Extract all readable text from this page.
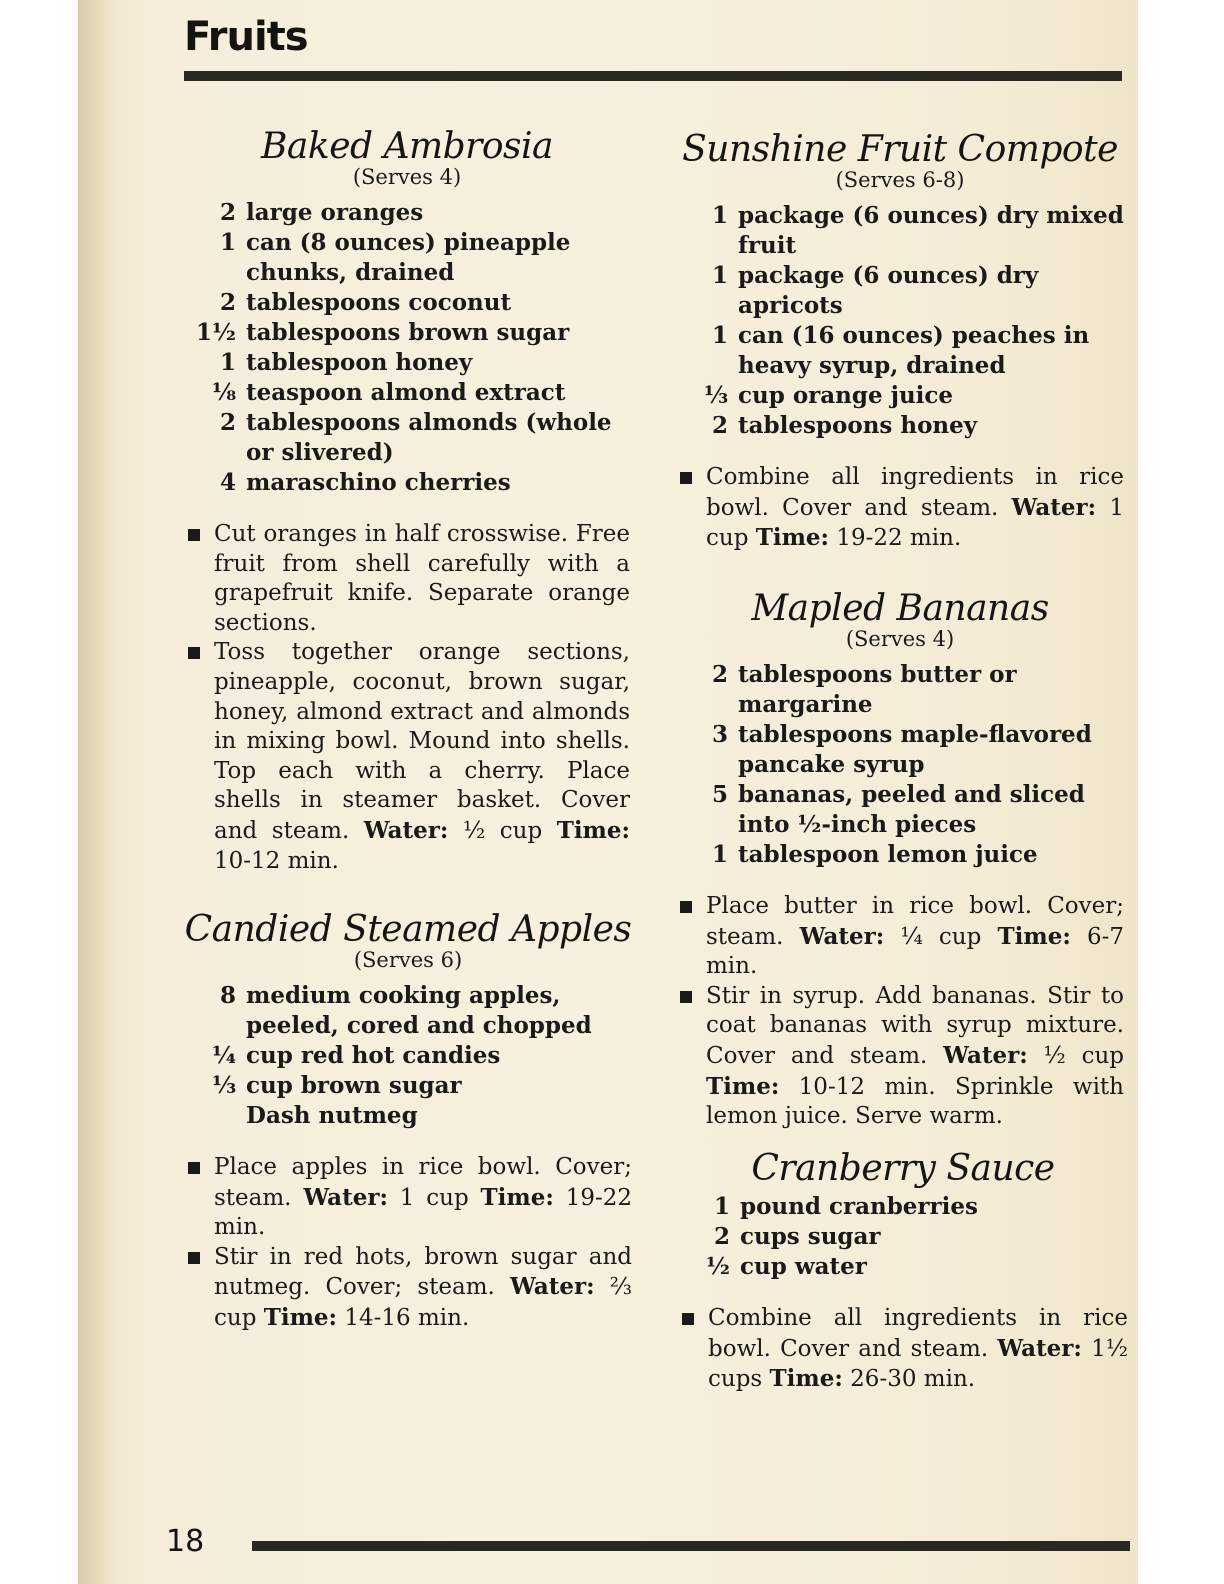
Fruits
Baked Ambrosia

(Serves 4)

2 large oranges
1 can (8 ounces) pineapple chunks, drained
2 tablespoons coconut
1½ tablespoons brown sugar
1 tablespoon honey
⅛ teaspoon almond extract
2 tablespoons almonds (whole or slivered)
4 maraschino cherries
Cut oranges in half crosswise. Free fruit from shell carefully with a grapefruit knife. Separate orange sections.
Toss together orange sections, pineapple, coconut, brown sugar, honey, almond extract and almonds in mixing bowl. Mound into shells. Top each with a cherry. Place shells in steamer basket. Cover and steam. Water: ½ cup Time: 10-12 min.
Candied Steamed Apples

(Serves 6)

8 medium cooking apples, peeled, cored and chopped
¼ cup red hot candies
⅓ cup brown sugar
Dash nutmeg
Place apples in rice bowl. Cover; steam. Water: 1 cup Time: 19-22 min.
Stir in red hots, brown sugar and nutmeg. Cover; steam. Water: ⅔ cup Time: 14-16 min.
Sunshine Fruit Compote

(Serves 6-8)

1 package (6 ounces) dry mixed fruit
1 package (6 ounces) dry apricots
1 can (16 ounces) peaches in heavy syrup, drained
⅓ cup orange juice
2 tablespoons honey
Combine all ingredients in rice bowl. Cover and steam. Water: 1 cup Time: 19-22 min.
Mapled Bananas

(Serves 4)

2 tablespoons butter or margarine
3 tablespoons maple-flavored pancake syrup
5 bananas, peeled and sliced into ½-inch pieces
1 tablespoon lemon juice
Place butter in rice bowl. Cover; steam. Water: ¼ cup Time: 6-7 min.
Stir in syrup. Add bananas. Stir to coat bananas with syrup mixture. Cover and steam. Water: ½ cup Time: 10-12 min. Sprinkle with lemon juice. Serve warm.
Cranberry Sauce
1 pound cranberries
2 cups sugar
½ cup water
Combine all ingredients in rice bowl. Cover and steam. Water: 1½ cups Time: 26-30 min.
18
